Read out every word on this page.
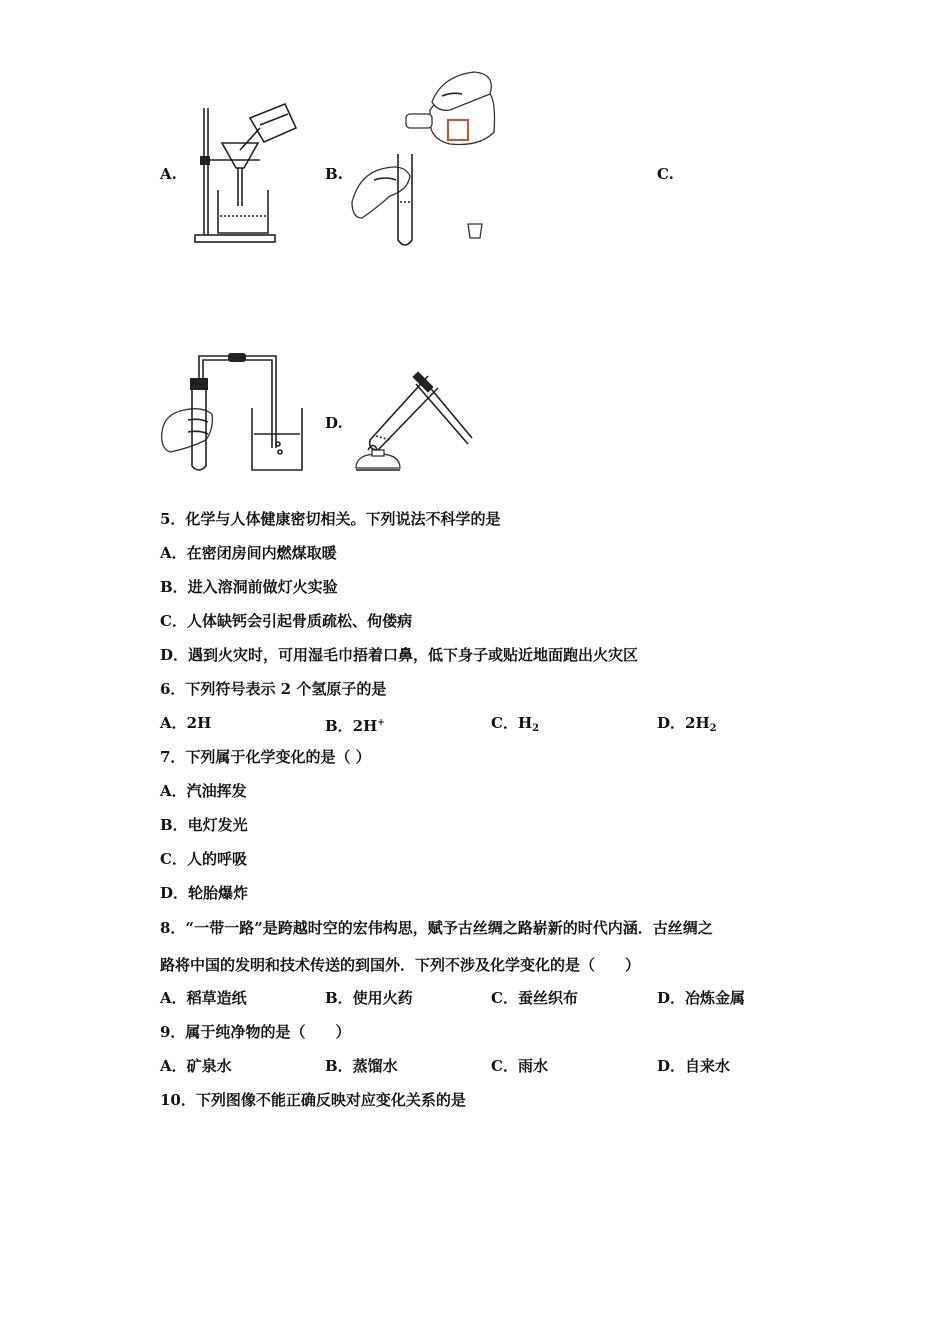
A.	B.	C.
D.
5．化学与人体健康密切相关。下列说法不科学的是
A．在密闭房间内燃煤取暖
B．进入溶洞前做灯火实验
C．人体缺钙会引起骨质疏松、佝偻病
D．遇到火灾时，可用湿毛巾捂着口鼻，低下身子或贴近地面跑出火灾区
6．下列符号表示 2 个氢原子的是
A．2H	B．2H+	C．$H_2$	D．$2H_2$
7．下列属于化学变化的是（ ）
A．汽油挥发
B．电灯发光
C．人的呼吸
D．轮胎爆炸
8．“一带一路”是跨越时空的宏伟构思，赋予古丝绸之路崭新的时代内涵．古丝绸之
路将中国的发明和技术传送的到国外．下列不涉及化学变化的是（　　）
A．稻草造纸	B．使用火药	C．蚕丝织布	D．冶炼金属
9．属于纯净物的是（　　）
A．矿泉水	B．蒸馏水	C．雨水	D．自来水
10．下列图像不能正确反映对应变化关系的是
